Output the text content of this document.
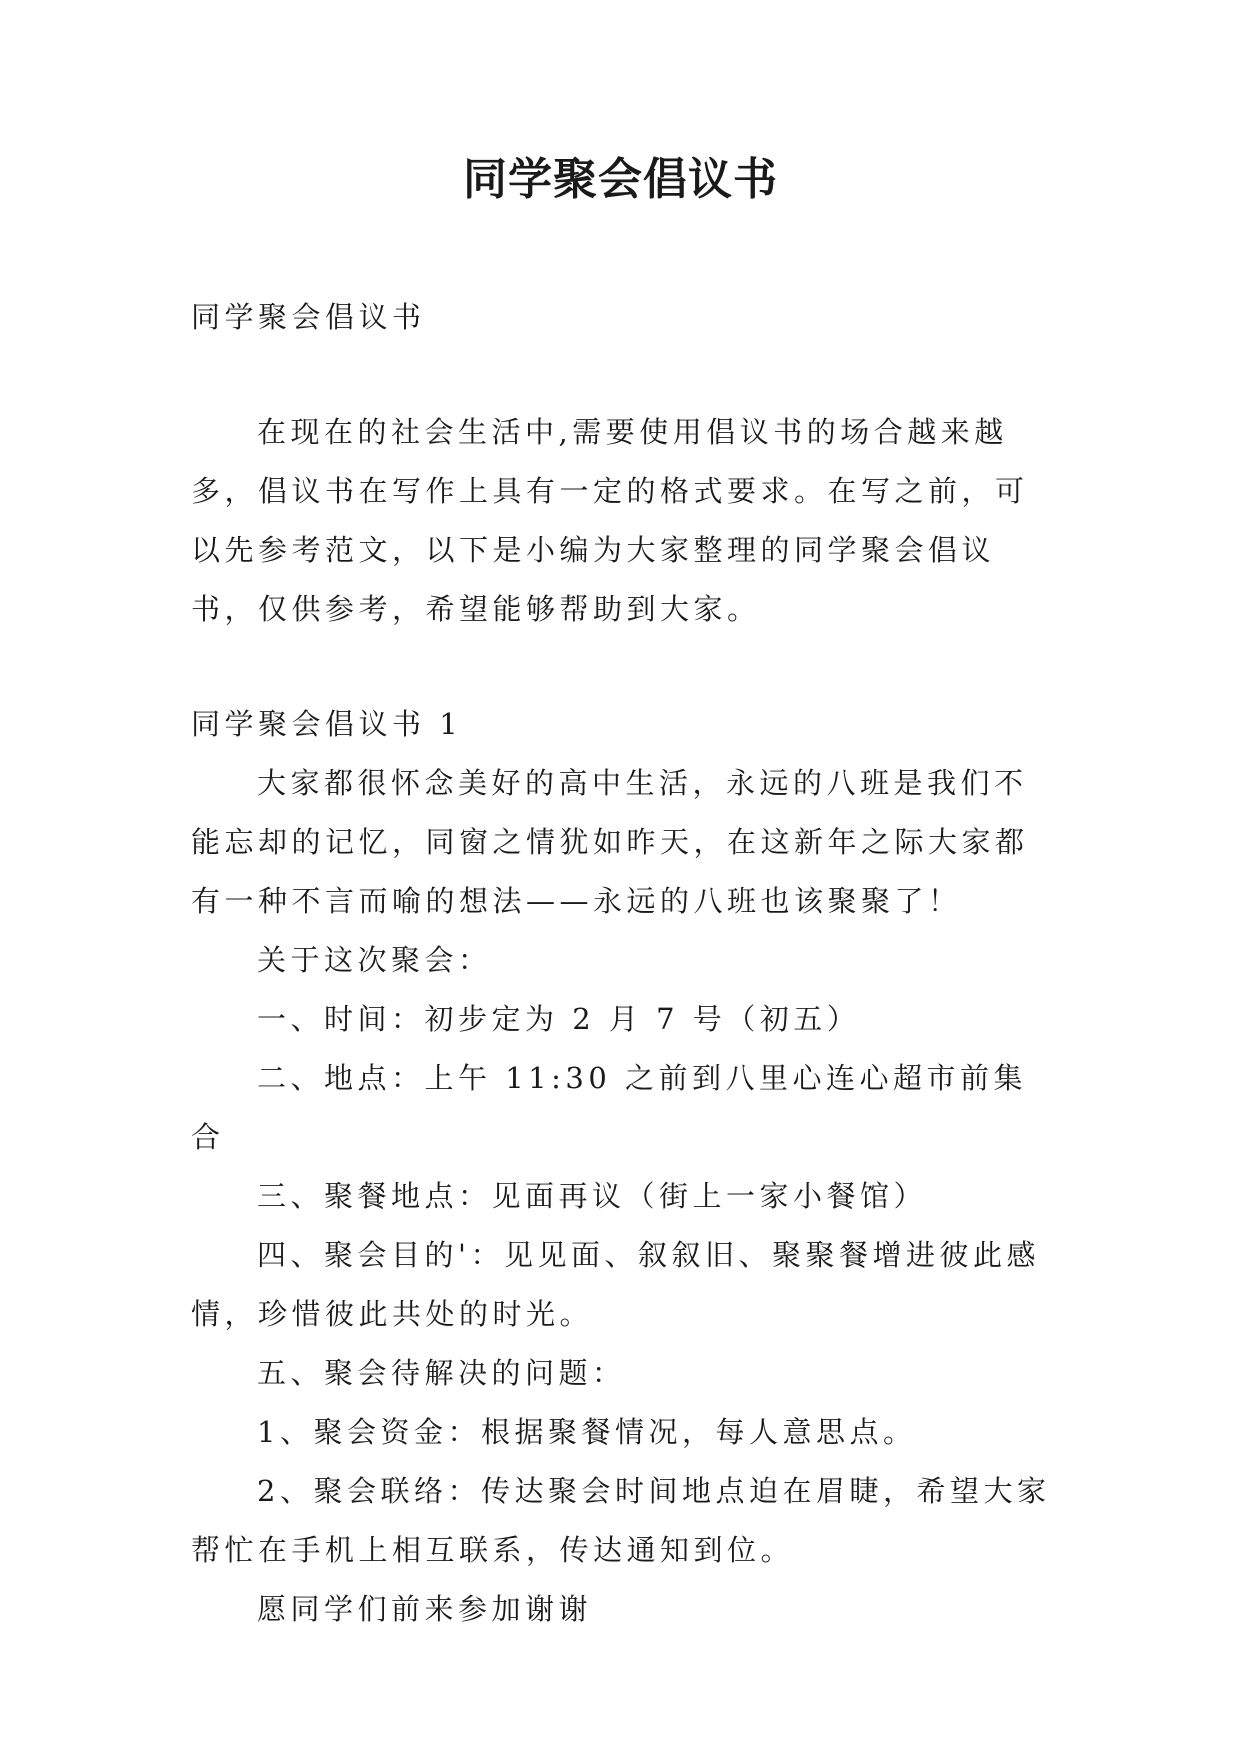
同学聚会倡议书

同学聚会倡议书

在现在的社会生活中,需要使用倡议书的场合越来越多，倡议书在写作上具有一定的格式要求。在写之前，可以先参考范文，以下是小编为大家整理的同学聚会倡议书，仅供参考，希望能够帮助到大家。

同学聚会倡议书 1

大家都很怀念美好的高中生活，永远的八班是我们不能忘却的记忆，同窗之情犹如昨天，在这新年之际大家都有一种不言而喻的想法——永远的八班也该聚聚了！

关于这次聚会：

一、时间：初步定为 2 月 7 号（初五）

二、地点：上午 11:30 之前到八里心连心超市前集合

三、聚餐地点：见面再议（街上一家小餐馆）

四、聚会目的'：见见面、叙叙旧、聚聚餐增进彼此感情，珍惜彼此共处的时光。

五、聚会待解决的问题：

1、聚会资金：根据聚餐情况，每人意思点。

2、聚会联络：传达聚会时间地点迫在眉睫，希望大家帮忙在手机上相互联系，传达通知到位。

愿同学们前来参加谢谢
